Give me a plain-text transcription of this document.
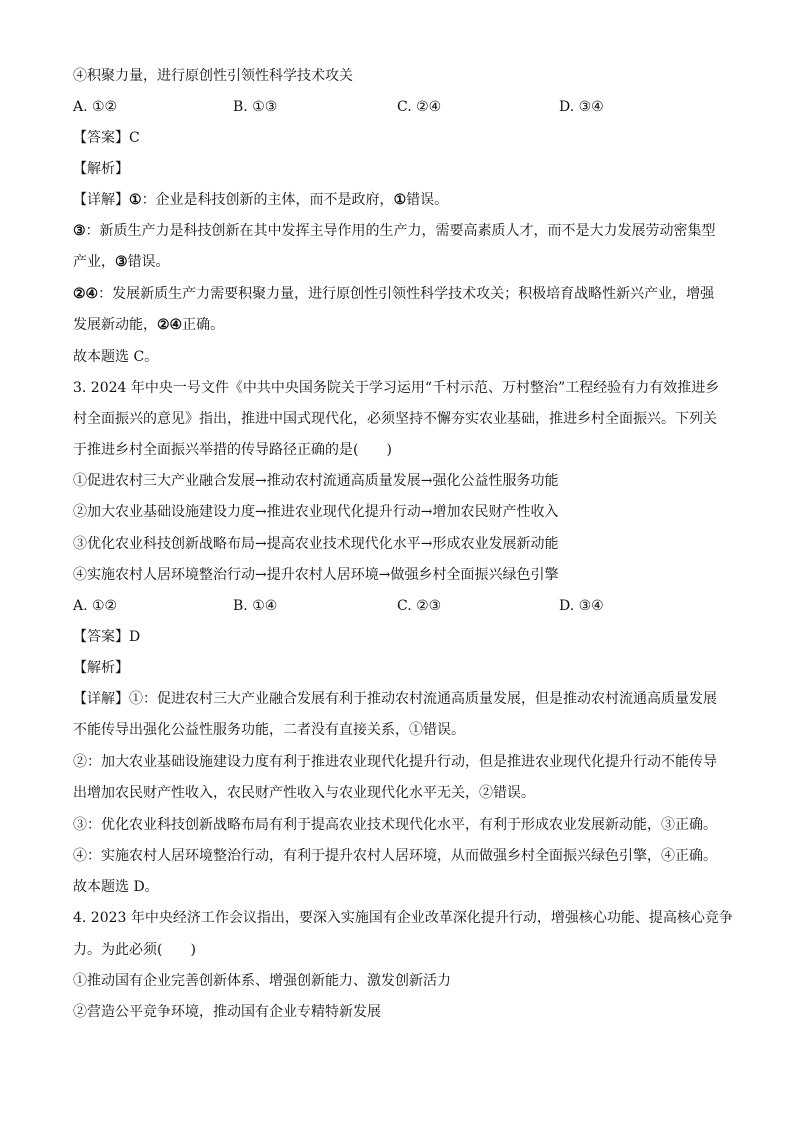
④积聚力量，进行原创性引领性科学技术攻关
A. ①②	B. ①③	C. ②④	D. ③④
【答案】C
【解析】
【详解】①：企业是科技创新的主体，而不是政府，①错误。
③：新质生产力是科技创新在其中发挥主导作用的生产力，需要高素质人才，而不是大力发展劳动密集型
产业，③错误。
②④：发展新质生产力需要积聚力量，进行原创性引领性科学技术攻关；积极培育战略性新兴产业，增强
发展新动能，②④正确。
故本题选 C。
3. 2024 年中央一号文件《中共中央国务院关于学习运用“千村示范、万村整治”工程经验有力有效推进乡
村全面振兴的意见》指出，推进中国式现代化，必须坚持不懈夯实农业基础，推进乡村全面振兴。下列关
于推进乡村全面振兴举措的传导路径正确的是(　　)
①促进农村三大产业融合发展→推动农村流通高质量发展→强化公益性服务功能
②加大农业基础设施建设力度→推进农业现代化提升行动→增加农民财产性收入
③优化农业科技创新战略布局→提高农业技术现代化水平→形成农业发展新动能
④实施农村人居环境整治行动→提升农村人居环境→做强乡村全面振兴绿色引擎
A. ①②	B. ①④	C. ②③	D. ③④
【答案】D
【解析】
【详解】①：促进农村三大产业融合发展有利于推动农村流通高质量发展，但是推动农村流通高质量发展
不能传导出强化公益性服务功能，二者没有直接关系，①错误。
②：加大农业基础设施建设力度有利于推进农业现代化提升行动，但是推进农业现代化提升行动不能传导
出增加农民财产性收入，农民财产性收入与农业现代化水平无关，②错误。
③：优化农业科技创新战略布局有利于提高农业技术现代化水平，有利于形成农业发展新动能，③正确。
④：实施农村人居环境整治行动，有利于提升农村人居环境，从而做强乡村全面振兴绿色引擎，④正确。
故本题选 D。
4. 2023 年中央经济工作会议指出，要深入实施国有企业改革深化提升行动，增强核心功能、提高核心竞争
力。为此必须(　　)
①推动国有企业完善创新体系、增强创新能力、激发创新活力
②营造公平竞争环境，推动国有企业专精特新发展
